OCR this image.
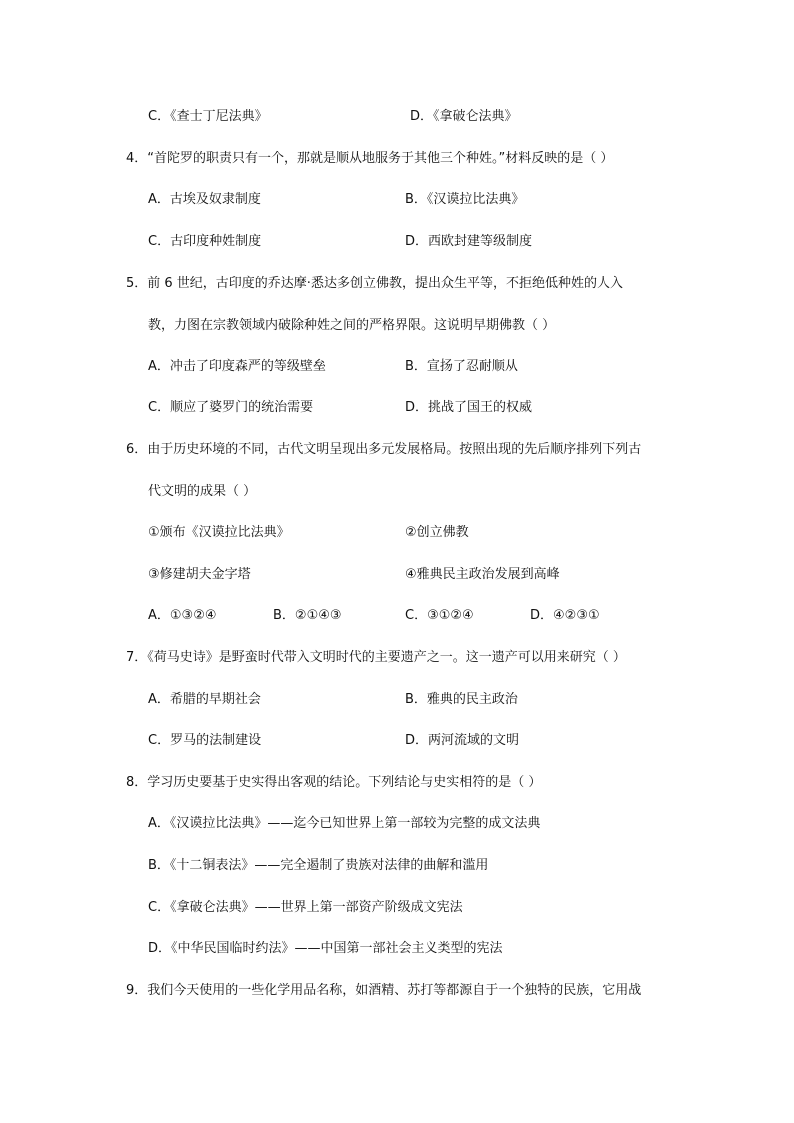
C．《查士丁尼法典》	D．《拿破仑法典》
4．“首陀罗的职责只有一个，那就是顺从地服务于其他三个种姓。”材料反映的是（ ）
A．古埃及奴隶制度	B．《汉谟拉比法典》
C．古印度种姓制度	D．西欧封建等级制度
5．前 6 世纪，古印度的乔达摩·悉达多创立佛教，提出众生平等，不拒绝低种姓的人入
教，力图在宗教领域内破除种姓之间的严格界限。这说明早期佛教（ ）
A．冲击了印度森严的等级壁垒	B．宣扬了忍耐顺从
C．顺应了婆罗门的统治需要	D．挑战了国王的权威
6．由于历史环境的不同，古代文明呈现出多元发展格局。按照出现的先后顺序排列下列古
代文明的成果（ ）
①颁布《汉谟拉比法典》	②创立佛教
③修建胡夫金字塔	④雅典民主政治发展到高峰
A．①③②④	B．②①④③	C．③①②④	D．④②③①
7．《荷马史诗》是野蛮时代带入文明时代的主要遗产之一。这一遗产可以用来研究（ ）
A．希腊的早期社会	B．雅典的民主政治
C．罗马的法制建设	D．两河流域的文明
8．学习历史要基于史实得出客观的结论。下列结论与史实相符的是（ ）
A．《汉谟拉比法典》——迄今已知世界上第一部较为完整的成文法典
B．《十二铜表法》——完全遏制了贵族对法律的曲解和滥用
C．《拿破仑法典》——世界上第一部资产阶级成文宪法
D．《中华民国临时约法》——中国第一部社会主义类型的宪法
9．我们今天使用的一些化学用品名称，如酒精、苏打等都源自于一个独特的民族，它用战
